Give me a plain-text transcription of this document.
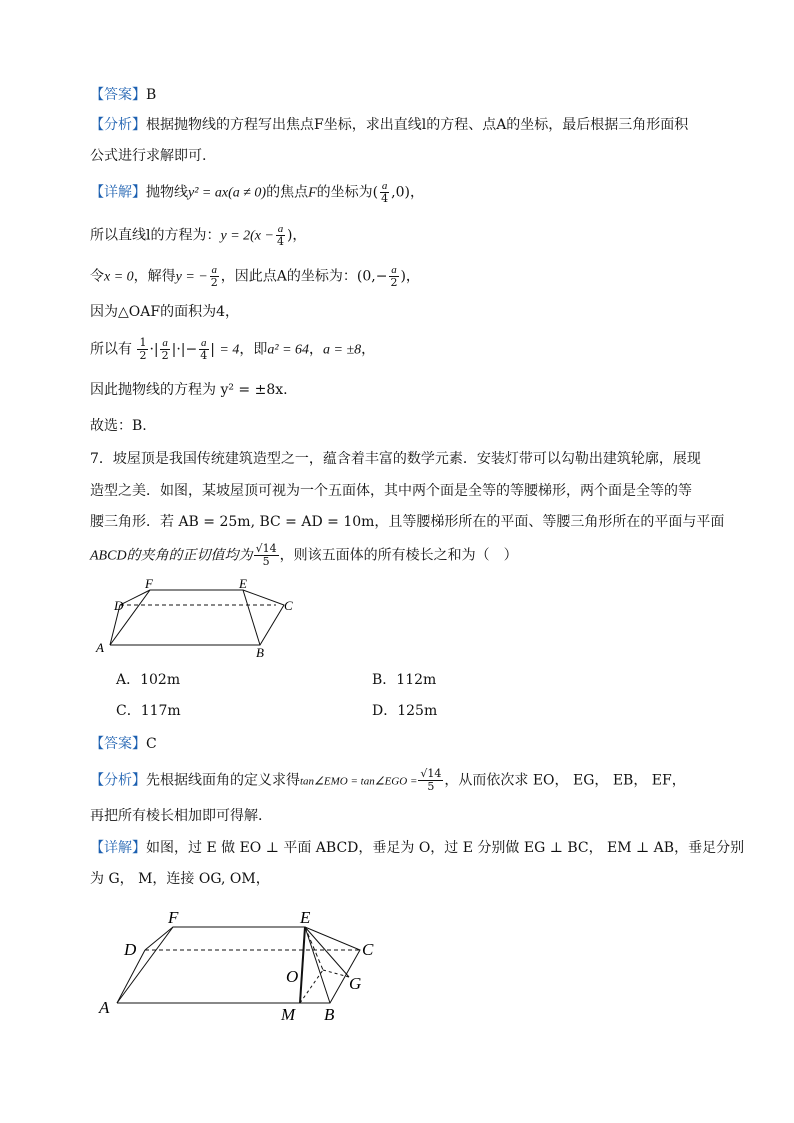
【答案】B
【分析】根据抛物线的方程写出焦点F坐标，求出直线l的方程、点A的坐标，最后根据三角形面积
公式进行求解即可.
【详解】抛物线y² = ax(a ≠ 0)的焦点F的坐标为( $\frac{a}{4} ,0$)，
所以直线l的方程为：$y = 2(x - \frac{a}{4}$ )，
令x = 0，解得y = − $\frac{a}{2}$ ，因此点A的坐标为：($0,- \frac{a}{2}$ )，
因为△OAF的面积为4，
所以有 $\frac{1}{2}$ ·| $\frac{a}{2}$ |·|− $\frac{a}{4}$ | = 4，即a² = 64，a = ±8，
因此抛物线的方程为 y² = ±8x.
故选：B.
7．坡屋顶是我国传统建筑造型之一，蕴含着丰富的数学元素．安装灯带可以勾勒出建筑轮廓，展现
造型之美．如图，某坡屋顶可视为一个五面体，其中两个面是全等的等腰梯形，两个面是全等的等
腰三角形．若 AB = 25m, BC = AD = 10m，且等腰梯形所在的平面、等腰三角形所在的平面与平面
ABCD的夹角的正切值均为 $\frac{√14}{5}$ ，则该五面体的所有棱长之和为（　）
F	E
D	C
A	B
A．102m	B．112m
C．117m	D．125m
【答案】C
【分析】先根据线面角的定义求得tan∠EMO = tan∠EGO = $\frac{√14}{5}$ ，从而依次求 EO， EG， EB， EF，
再把所有棱长相加即可得解.
【详解】如图，过 E 做 EO ⊥ 平面 ABCD，垂足为 O，过 E 分别做 EG ⊥ BC， EM ⊥ AB，垂足分别
为 G， M，连接 OG, OM，
F	E
D	C
O	G
A	M B
